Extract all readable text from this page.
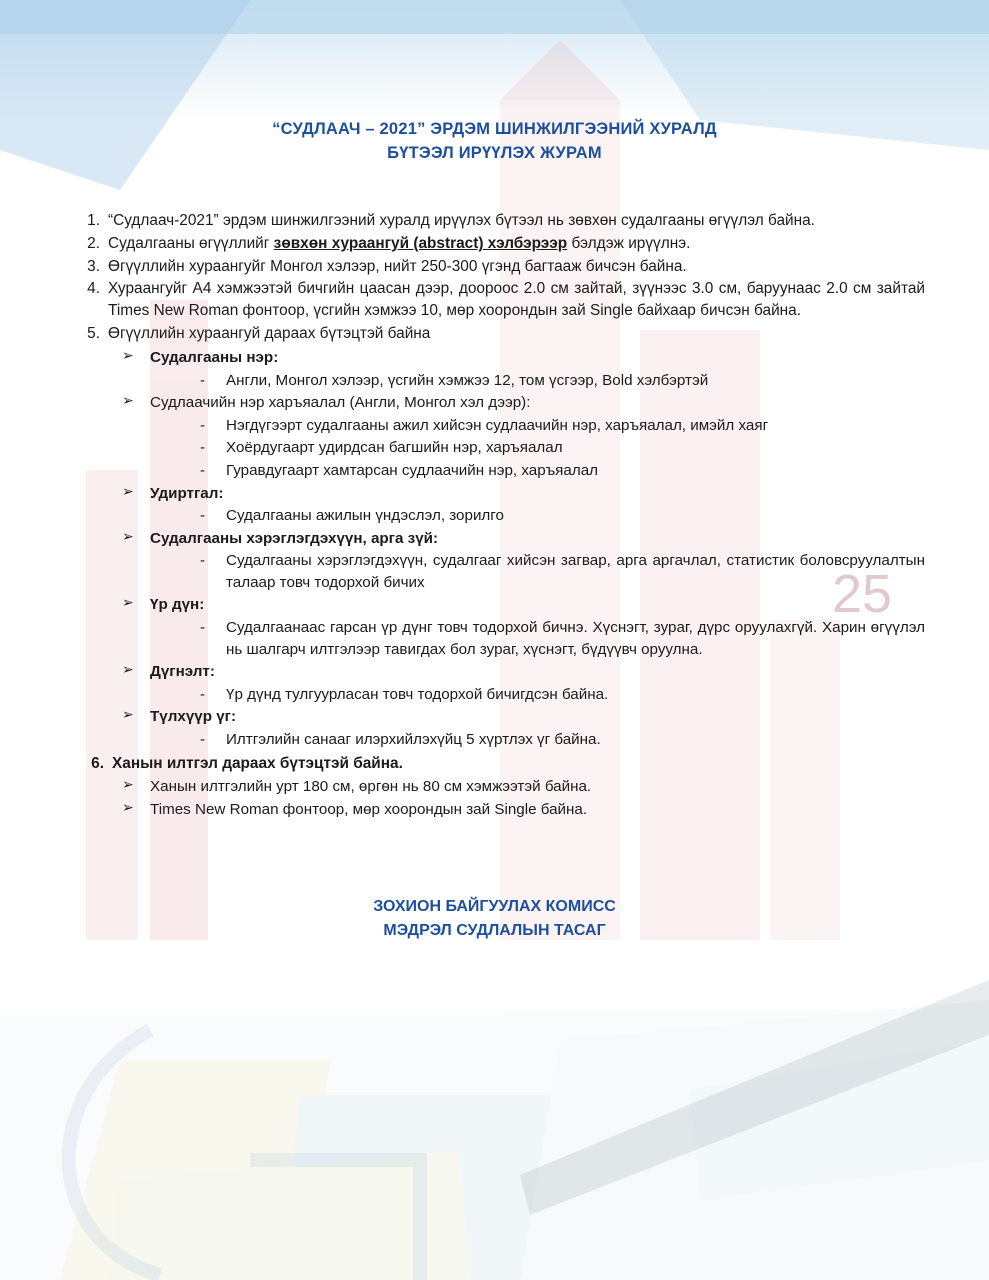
25
“СУДЛААЧ – 2021” ЭРДЭМ ШИНЖИЛГЭЭНИЙ ХУРАЛД
БҮТЭЭЛ ИРҮҮЛЭХ ЖУРАМ
1. “Судлаач-2021” эрдэм шинжилгээний хуралд ирүүлэх бүтээл нь зөвхөн судалгааны өгүүлэл байна.
2. Судалгааны өгүүллийг зөвхөн хураангуй (abstract) хэлбэрээр бэлдэж ирүүлнэ.
3. Өгүүллийн хураангуйг Монгол хэлээр, нийт 250-300 үгэнд багтааж бичсэн байна.
4. Хураангуйг А4 хэмжээтэй бичгийн цаасан дээр, доороос 2.0 см зайтай, зүүнээс 3.0 см, баруунаас 2.0 см зайтай Times New Roman фонтоор, үсгийн хэмжээ 10, мөр хоорондын зай Single байхаар бичсэн байна.
5. Өгүүллийн хураангуй дараах бүтэцтэй байна
➢ Судалгааны нэр:
- Англи, Монгол хэлээр, үсгийн хэмжээ 12, том үсгээр, Bold хэлбэртэй
➢ Судлаачийн нэр харъяалал (Англи, Монгол хэл дээр):
- Нэгдүгээрт судалгааны ажил хийсэн судлаачийн нэр, харъяалал, имэйл хаяг
- Хоёрдугаарт удирдсан багшийн нэр, харъяалал
- Гуравдугаарт хамтарсан судлаачийн нэр, харъяалал
➢ Удиртгал:
- Судалгааны ажилын үндэслэл, зорилго
➢ Судалгааны хэрэглэгдэхүүн, арга зүй:
- Судалгааны хэрэглэгдэхүүн, судалгааг хийсэн загвар, арга аргачлал, статистик боловсруулалтын талаар товч тодорхой бичих
➢ Үр дүн:
- Судалгаанаас гарсан үр дүнг товч тодорхой бичнэ. Хүснэгт, зураг, дүрс оруулахгүй. Харин өгүүлэл нь шалгарч илтгэлээр тавигдах бол зураг, хүснэгт, бүдүүвч оруулна.
➢ Дүгнэлт:
- Үр дүнд тулгуурласан товч тодорхой бичигдсэн байна.
➢ Түлхүүр үг:
- Илтгэлийн санааг илэрхийлэхүйц 5 хүртлэх үг байна.
6. Ханын илтгэл дараах бүтэцтэй байна.
➢ Ханын илтгэлийн урт 180 см, өргөн нь 80 см хэмжээтэй байна.
➢ Times New Roman фонтоор, мөр хоорондын зай Single байна.
ЗОХИОН БАЙГУУЛАХ КОМИСС
МЭДРЭЛ СУДЛАЛЫН ТАСАГ
